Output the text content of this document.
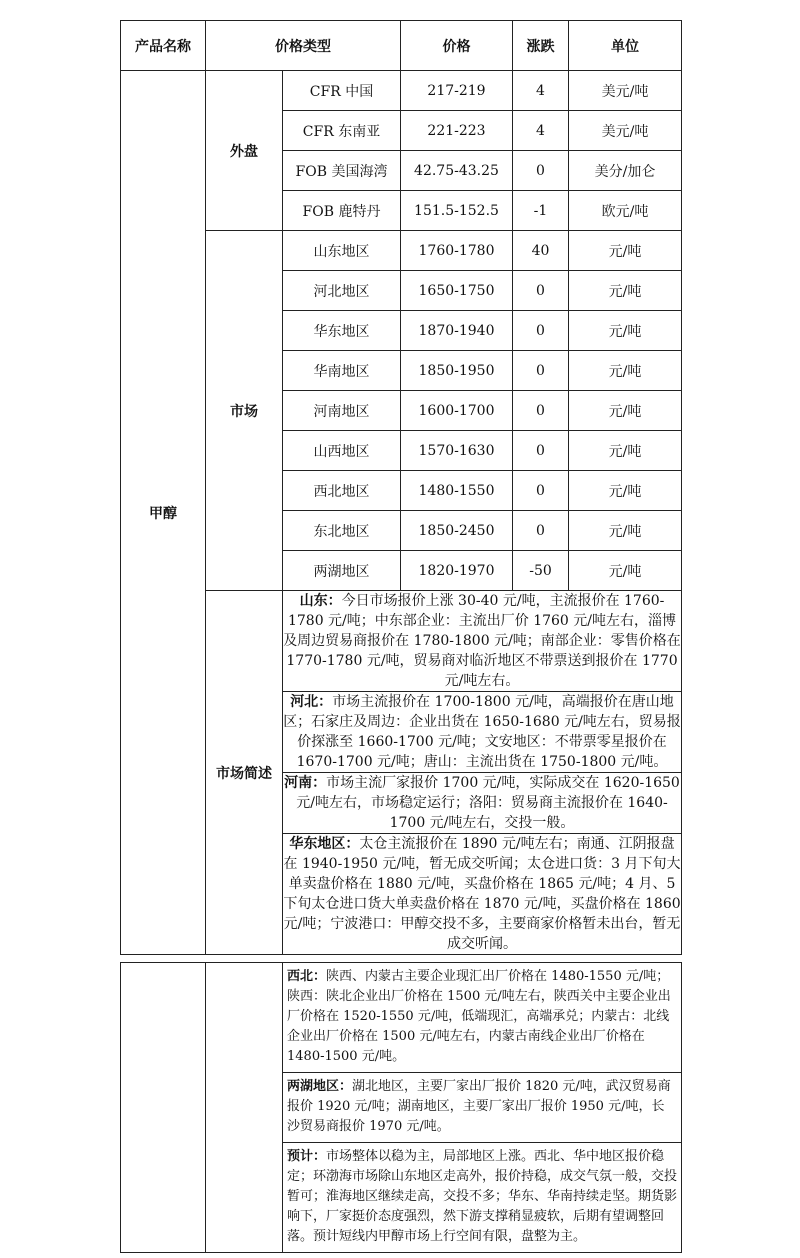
产品名称	价格类型		价格	涨跌	单位
甲醇	外盘	CFR 中国	217-219	4	美元/吨
		CFR 东南亚	221-223	4	美元/吨
		FOB 美国海湾	42.75-43.25	0	美分/加仑
		FOB 鹿特丹	151.5-152.5	-1	欧元/吨
	市场	山东地区	1760-1780	40	元/吨
		河北地区	1650-1750	0	元/吨
		华东地区	1870-1940	0	元/吨
		华南地区	1850-1950	0	元/吨
		河南地区	1600-1700	0	元/吨
		山西地区	1570-1630	0	元/吨
		西北地区	1480-1550	0	元/吨
		东北地区	1850-2450	0	元/吨
		两湖地区	1820-1970	-50	元/吨
	市场简述	山东：今日市场报价上涨 30-40 元/吨，主流报价在 1760-1780 元/吨；中东部企业：主流出厂价 1760 元/吨左右，淄博及周边贸易商报价在 1780-1800 元/吨；南部企业：零售价格在 1770-1780 元/吨，贸易商对临沂地区不带票送到报价在 1770 元/吨左右。			
		河北：市场主流报价在 1700-1800 元/吨，高端报价在唐山地区；石家庄及周边：企业出货在 1650-1680 元/吨左右，贸易报价探涨至 1660-1700 元/吨；文安地区：不带票零星报价在 1670-1700 元/吨；唐山：主流出货在 1750-1800 元/吨。			
		河南：市场主流厂家报价 1700 元/吨，实际成交在 1620-1650 元/吨左右，市场稳定运行；洛阳：贸易商主流报价在 1640-1700 元/吨左右，交投一般。			
		华东地区：太仓主流报价在 1890 元/吨左右；南通、江阴报盘在 1940-1950 元/吨，暂无成交听闻；太仓进口货：3 月下旬大单卖盘价格在 1880 元/吨，买盘价格在 1865 元/吨；4 月、5 下旬太仓进口货大单卖盘价格在 1870 元/吨，买盘价格在 1860 元/吨；宁波港口：甲醇交投不多，主要商家价格暂未出台，暂无成交听闻。			
		西北：陕西、内蒙古主要企业现汇出厂价格在 1480-1550 元/吨；陕西：陕北企业出厂价格在 1500 元/吨左右，陕西关中主要企业出厂价格在 1520-1550 元/吨，低端现汇，高端承兑；内蒙古：北线企业出厂价格在 1500 元/吨左右，内蒙古南线企业出厂价格在 1480-1500 元/吨。
两湖地区：湖北地区，主要厂家出厂报价 1820 元/吨，武汉贸易商报价 1920 元/吨；湖南地区，主要厂家出厂报价 1950 元/吨，长沙贸易商报价 1970 元/吨。
预计：市场整体以稳为主，局部地区上涨。西北、华中地区报价稳定；环渤海市场除山东地区走高外，报价持稳，成交气氛一般，交投暂可；淮海地区继续走高，交投不多；华东、华南持续走坚。期货影响下，厂家挺价态度强烈，然下游支撑稍显疲软，后期有望调整回落。预计短线内甲醇市场上行空间有限，盘整为主。
